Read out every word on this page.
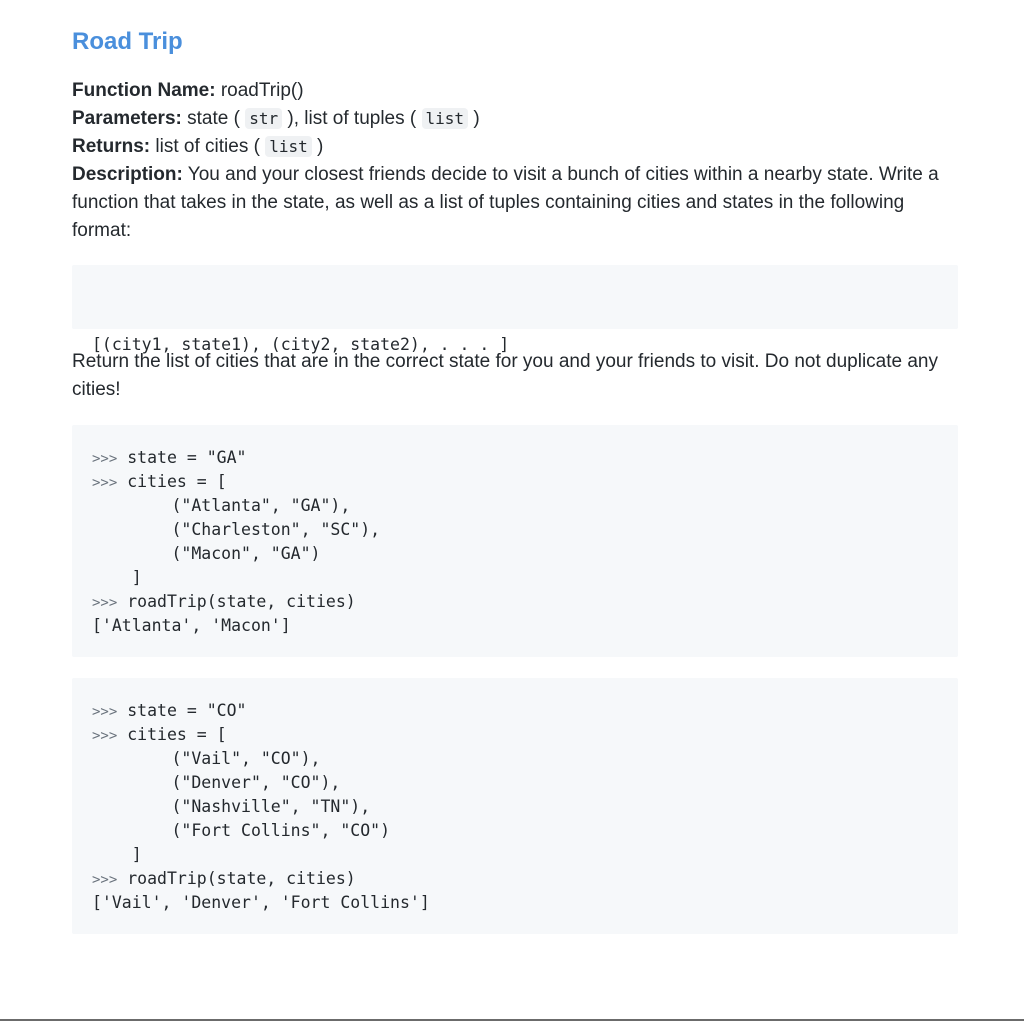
Road Trip

Function Name: roadTrip()

Parameters: state ( str ), list of tuples ( list )

Returns: list of cities ( list )

Description: You and your closest friends decide to visit a bunch of cities within a nearby state. Write a function that takes in the state, as well as a list of tuples containing cities and states in the following format:

[(city1, state1), (city2, state2), . . . ]

Return the list of cities that are in the correct state for you and your friends to visit. Do not duplicate any cities!

>>> state = "GA"
>>> cities = [
("Atlanta", "GA"),
("Charleston", "SC"),
("Macon", "GA")
]
>>> roadTrip(state, cities)
['Atlanta', 'Macon']
>>> state = "CO"
>>> cities = [
("Vail", "CO"),
("Denver", "CO"),
("Nashville", "TN"),
("Fort Collins", "CO")
]
>>> roadTrip(state, cities)
['Vail', 'Denver', 'Fort Collins']
